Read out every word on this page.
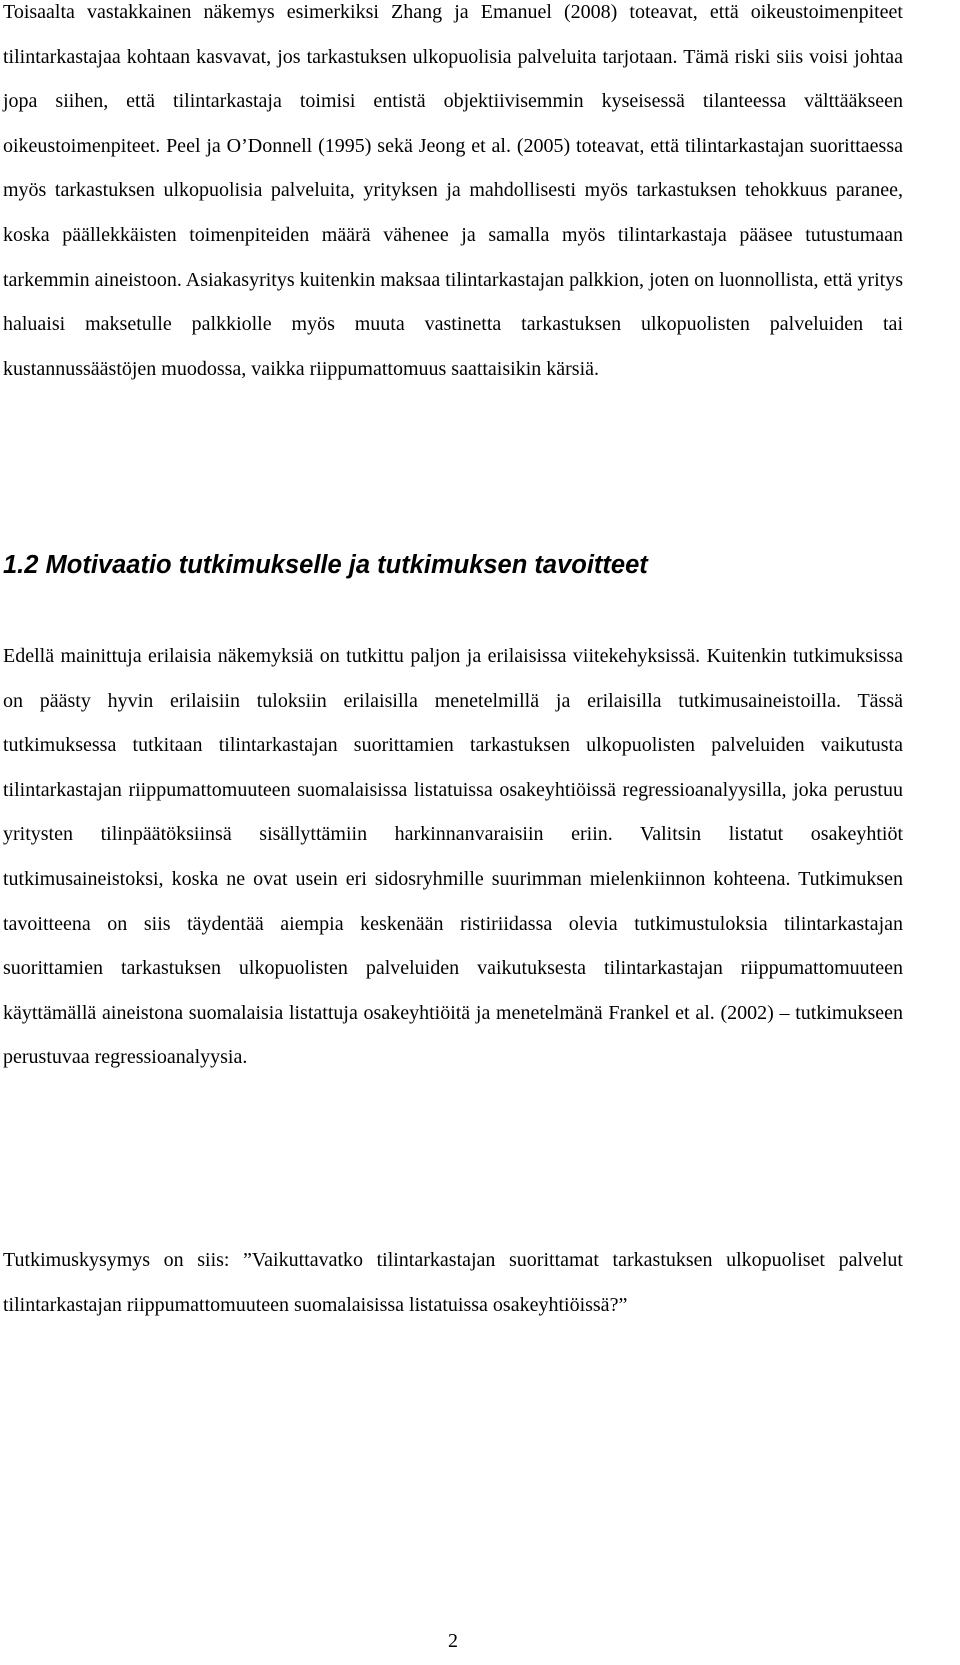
Toisaalta vastakkainen näkemys esimerkiksi Zhang ja Emanuel (2008) toteavat, että oikeustoimenpiteet tilintarkastajaa kohtaan kasvavat, jos tarkastuksen ulkopuolisia palveluita tarjotaan. Tämä riski siis voisi johtaa jopa siihen, että tilintarkastaja toimisi entistä objektiivisemmin kyseisessä tilanteessa välttääkseen oikeustoimenpiteet. Peel ja O’Donnell (1995) sekä Jeong et al. (2005) toteavat, että tilintarkastajan suorittaessa myös tarkastuksen ulkopuolisia palveluita, yrityksen ja mahdollisesti myös tarkastuksen tehokkuus paranee, koska päällekkäisten toimenpiteiden määrä vähenee ja samalla myös tilintarkastaja pääsee tutustumaan tarkemmin aineistoon. Asiakasyritys kuitenkin maksaa tilintarkastajan palkkion, joten on luonnollista, että yritys haluaisi maksetulle palkkiolle myös muuta vastinetta tarkastuksen ulkopuolisten palveluiden tai kustannussäästöjen muodossa, vaikka riippumattomuus saattaisikin kärsiä.

1.2 Motivaatio tutkimukselle ja tutkimuksen tavoitteet

Edellä mainittuja erilaisia näkemyksiä on tutkittu paljon ja erilaisissa viitekehyksissä. Kuitenkin tutkimuksissa on päästy hyvin erilaisiin tuloksiin erilaisilla menetelmillä ja erilaisilla tutkimusaineistoilla. Tässä tutkimuksessa tutkitaan tilintarkastajan suorittamien tarkastuksen ulkopuolisten palveluiden vaikutusta tilintarkastajan riippumattomuuteen suomalaisissa listatuissa osakeyhtiöissä regressioanalyysilla, joka perustuu yritysten tilinpäätöksiinsä sisällyttämiin harkinnanvaraisiin eriin. Valitsin listatut osakeyhtiöt tutkimusaineistoksi, koska ne ovat usein eri sidosryhmille suurimman mielenkiinnon kohteena. Tutkimuksen tavoitteena on siis täydentää aiempia keskenään ristiriidassa olevia tutkimustuloksia tilintarkastajan suorittamien tarkastuksen ulkopuolisten palveluiden vaikutuksesta tilintarkastajan riippumattomuuteen käyttämällä aineistona suomalaisia listattuja osakeyhtiöitä ja menetelmänä Frankel et al. (2002) – tutkimukseen perustuvaa regressioanalyysia.

Tutkimuskysymys on siis: ”Vaikuttavatko tilintarkastajan suorittamat tarkastuksen ulkopuoliset palvelut tilintarkastajan riippumattomuuteen suomalaisissa listatuissa osakeyhtiöissä?”

2
